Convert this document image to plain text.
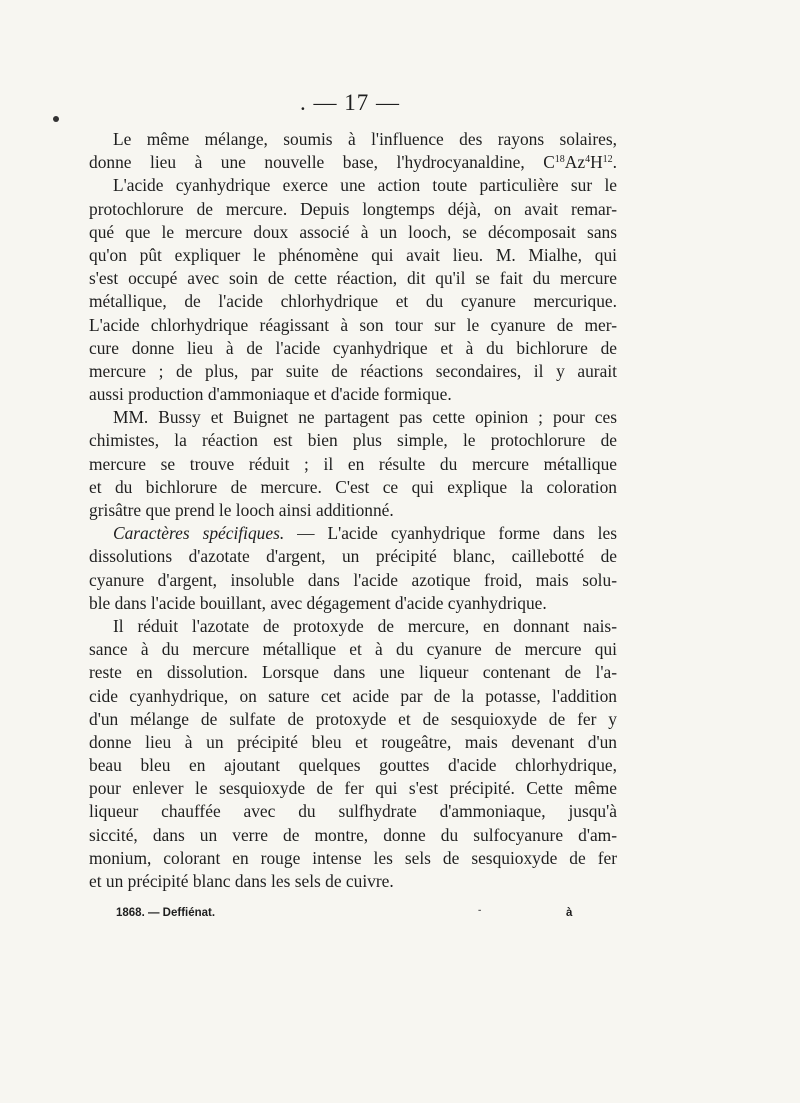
. — 17 —
Le même mélange, soumis à l'influence des rayons solaires,
donne lieu à une nouvelle base, l'hydrocyanaldine, $C^{18}Az^4H^{12}$.
L'acide cyanhydrique exerce une action toute particulière sur le
protochlorure de mercure. Depuis longtemps déjà, on avait remar-
qué que le mercure doux associé à un looch, se décomposait sans
qu'on pût expliquer le phénomène qui avait lieu. M. Mialhe, qui
s'est occupé avec soin de cette réaction, dit qu'il se fait du mercure
métallique, de l'acide chlorhydrique et du cyanure mercurique.
L'acide chlorhydrique réagissant à son tour sur le cyanure de mer-
cure donne lieu à de l'acide cyanhydrique et à du bichlorure de
mercure ; de plus, par suite de réactions secondaires, il y aurait
aussi production d'ammoniaque et d'acide formique.
MM. Bussy et Buignet ne partagent pas cette opinion ; pour ces
chimistes, la réaction est bien plus simple, le protochlorure de
mercure se trouve réduit ; il en résulte du mercure métallique
et du bichlorure de mercure. C'est ce qui explique la coloration
grisâtre que prend le looch ainsi additionné.
Caractères spécifiques. — L'acide cyanhydrique forme dans les
dissolutions d'azotate d'argent, un précipité blanc, caillebotté de
cyanure d'argent, insoluble dans l'acide azotique froid, mais solu-
ble dans l'acide bouillant, avec dégagement d'acide cyanhydrique.
Il réduit l'azotate de protoxyde de mercure, en donnant nais-
sance à du mercure métallique et à du cyanure de mercure qui
reste en dissolution. Lorsque dans une liqueur contenant de l'a-
cide cyanhydrique, on sature cet acide par de la potasse, l'addition
d'un mélange de sulfate de protoxyde et de sesquioxyde de fer y
donne lieu à un précipité bleu et rougeâtre, mais devenant d'un
beau bleu en ajoutant quelques gouttes d'acide chlorhydrique,
pour enlever le sesquioxyde de fer qui s'est précipité. Cette même
liqueur chauffée avec du sulfhydrate d'ammoniaque, jusqu'à
siccité, dans un verre de montre, donne du sulfocyanure d'am-
monium, colorant en rouge intense les sels de sesquioxyde de fer
et un précipité blanc dans les sels de cuivre.
1868. — Deffiénat.	-	à
